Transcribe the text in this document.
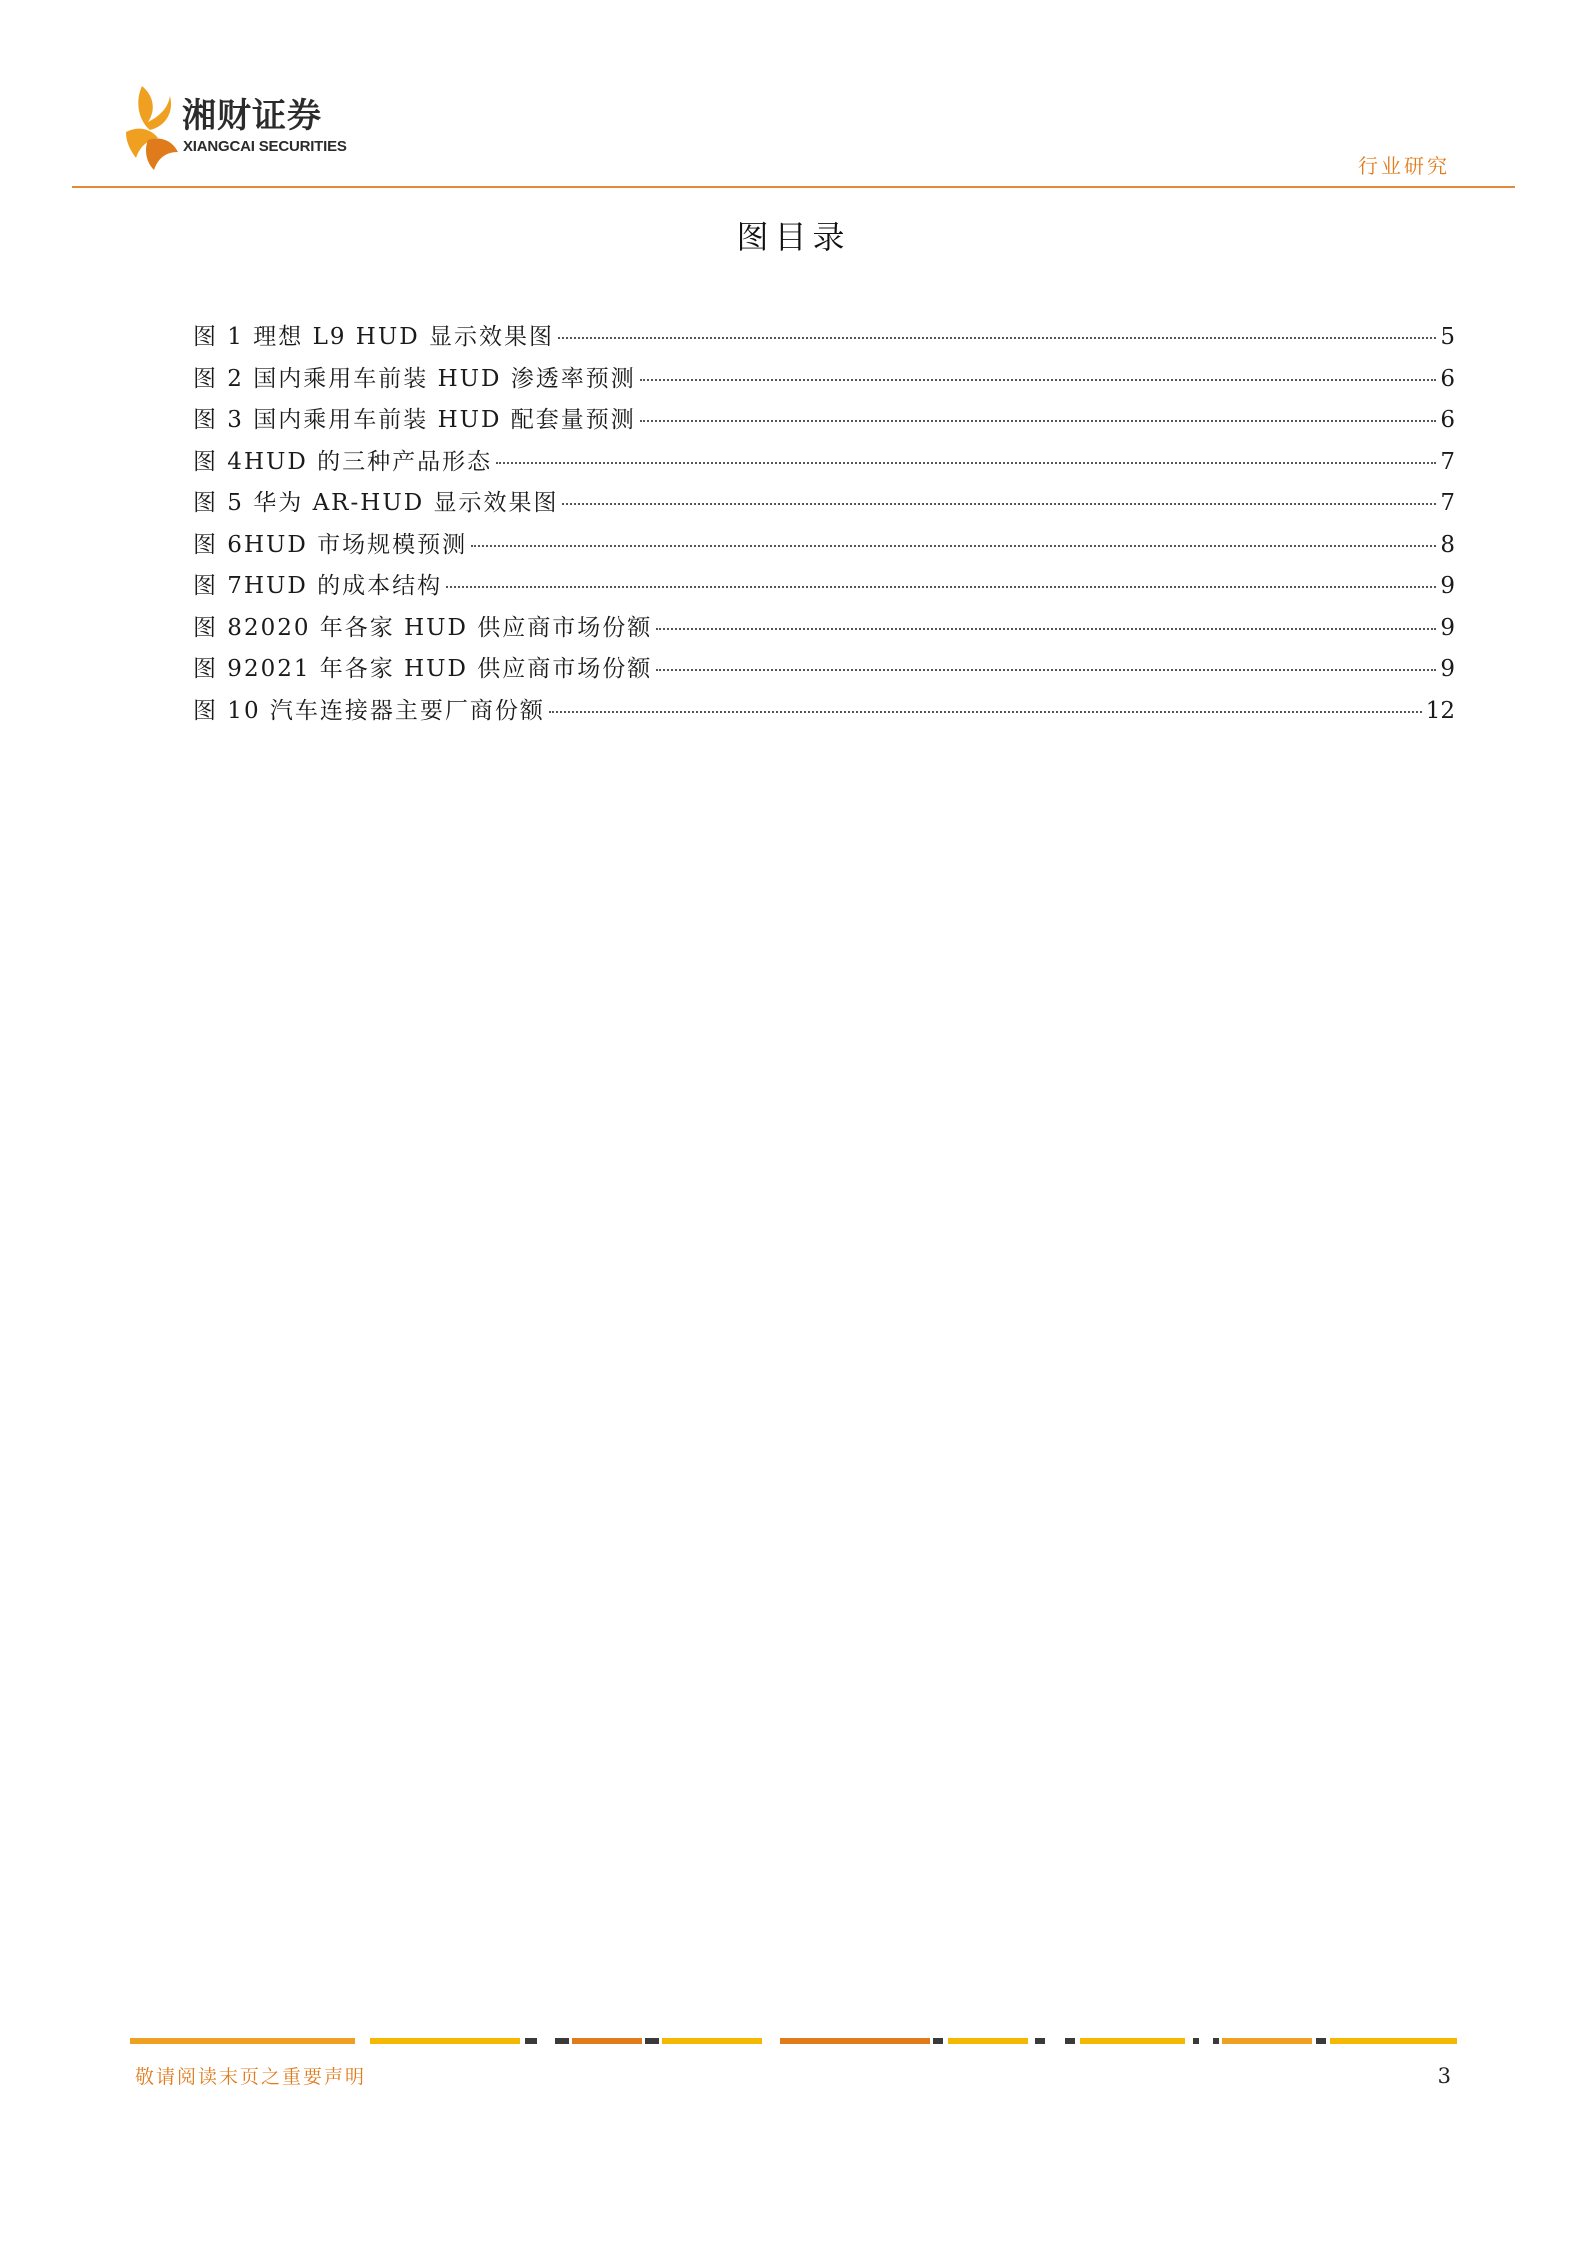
湘财证券
XIANGCAI SECURITIES
行业研究
图目录
图 1 理想 L9 HUD 显示效果图	5
图 2 国内乘用车前装 HUD 渗透率预测	6
图 3 国内乘用车前装 HUD 配套量预测	6
图 4HUD 的三种产品形态	7
图 5 华为 AR-HUD 显示效果图	7
图 6HUD 市场规模预测	8
图 7HUD 的成本结构	9
图 82020 年各家 HUD 供应商市场份额	9
图 92021 年各家 HUD 供应商市场份额	9
图 10 汽车连接器主要厂商份额	12
敬请阅读末页之重要声明	3
